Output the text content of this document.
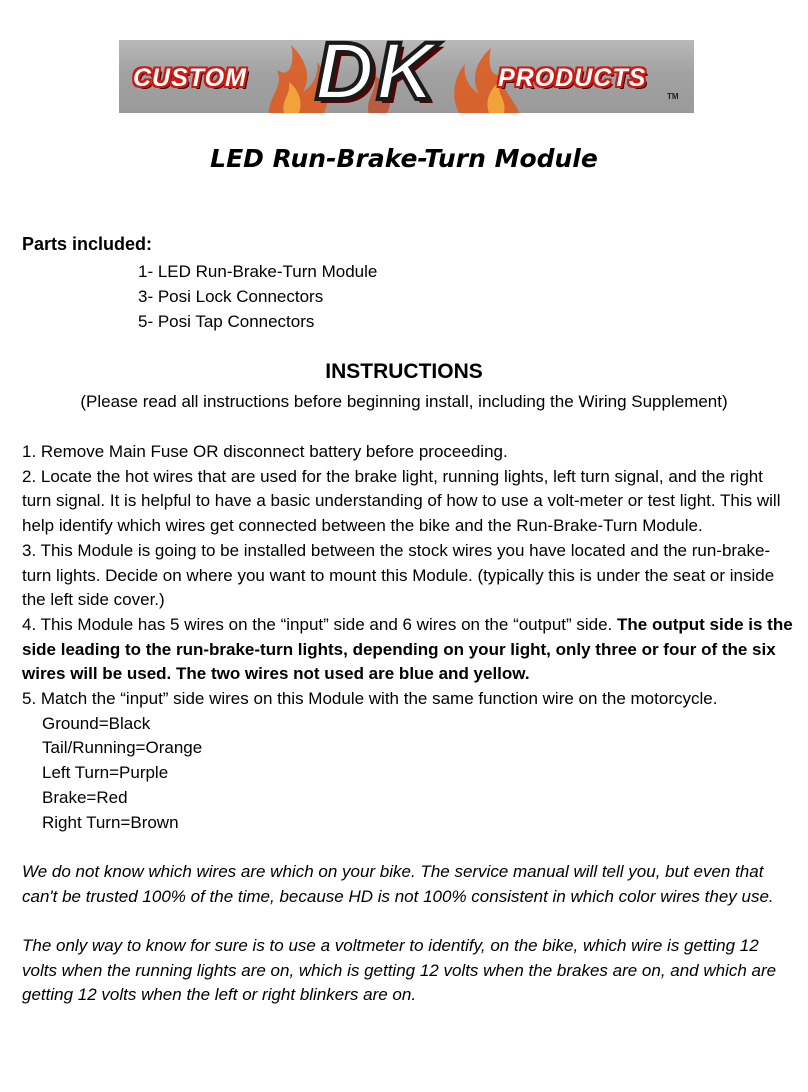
CUSTOM DK PRODUCTS
TM
LED Run-Brake-Turn Module
Parts included:
1- LED Run-Brake-Turn Module
3- Posi Lock Connectors
5- Posi Tap Connectors
INSTRUCTIONS

(Please read all instructions before beginning install, including the Wiring Supplement)

1. Remove Main Fuse OR disconnect battery before proceeding.

2. Locate the hot wires that are used for the brake light, running lights, left turn signal, and the right turn signal. It is helpful to have a basic understanding of how to use a volt-meter or test light. This will help identify which wires get connected between the bike and the Run-Brake-Turn Module.

3. This Module is going to be installed between the stock wires you have located and the run-brake-turn lights. Decide on where you want to mount this Module. (typically this is under the seat or inside the left side cover.)

4. This Module has 5 wires on the “input” side and 6 wires on the “output” side. The output side is the side leading to the run-brake-turn lights, depending on your light, only three or four of the six wires will be used. The two wires not used are blue and yellow.

5. Match the “input” side wires on this Module with the same function wire on the motorcycle.

Ground=Black
Tail/Running=Orange
Left Turn=Purple
Brake=Red
Right Turn=Brown

We do not know which wires are which on your bike. The service manual will tell you, but even that can't be trusted 100% of the time, because HD is not 100% consistent in which color wires they use.

The only way to know for sure is to use a voltmeter to identify, on the bike, which wire is getting 12 volts when the running lights are on, which is getting 12 volts when the brakes are on, and which are getting 12 volts when the left or right blinkers are on.
